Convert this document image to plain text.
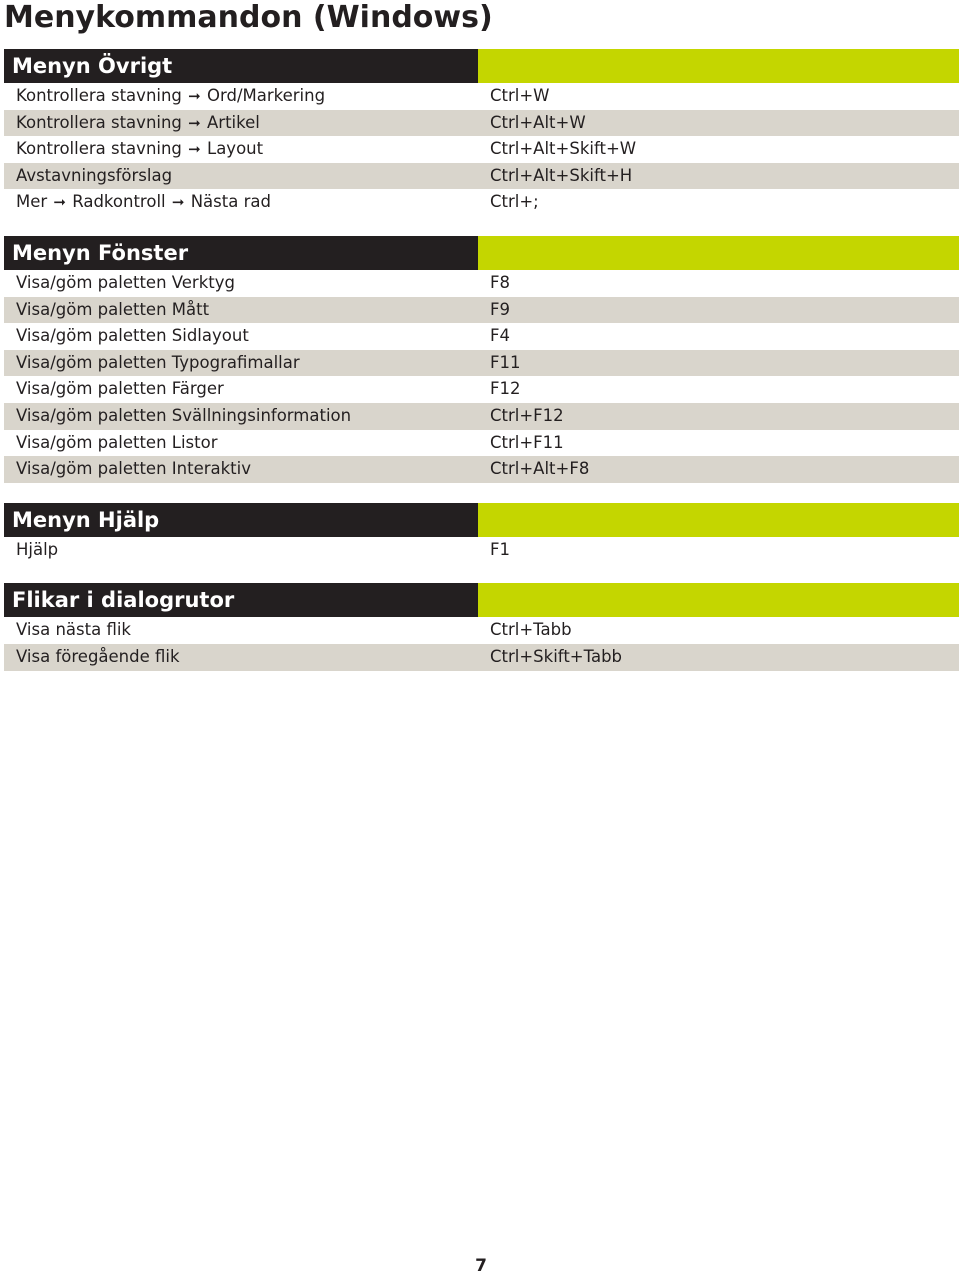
Menykommandon (Windows)
Menyn Övrigt
Kontrollera stavning ➞ Ord/Markering	Ctrl+W
Kontrollera stavning ➞ Artikel	Ctrl+Alt+W
Kontrollera stavning ➞ Layout	Ctrl+Alt+Skift+W
Avstavningsförslag	Ctrl+Alt+Skift+H
Mer ➞ Radkontroll ➞ Nästa rad	Ctrl+;
Menyn Fönster
Visa/göm paletten Verktyg	F8
Visa/göm paletten Mått	F9
Visa/göm paletten Sidlayout	F4
Visa/göm paletten Typografimallar	F11
Visa/göm paletten Färger	F12
Visa/göm paletten Svällningsinformation	Ctrl+F12
Visa/göm paletten Listor	Ctrl+F11
Visa/göm paletten Interaktiv	Ctrl+Alt+F8
Menyn Hjälp
Hjälp	F1
Flikar i dialogrutor
Visa nästa flik	Ctrl+Tabb
Visa föregående flik	Ctrl+Skift+Tabb
7
